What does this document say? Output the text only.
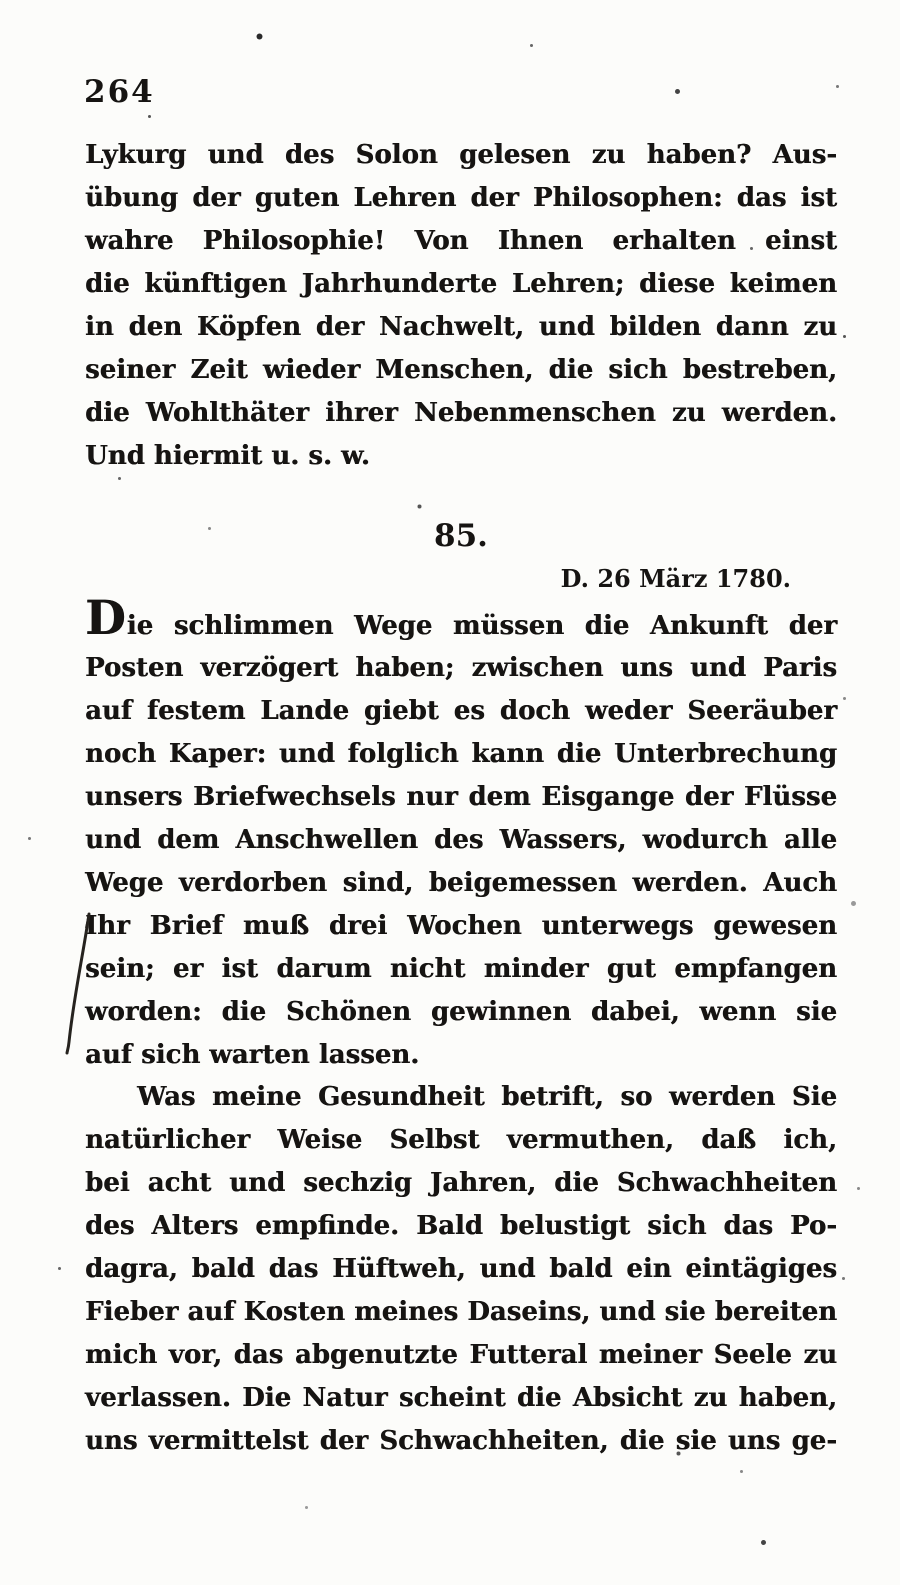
264
Lykurg und des Solon gelesen zu haben? Aus-
übung der guten Lehren der Philosophen: das ist
wahre Philosophie! Von Ihnen erhalten einst
die künftigen Jahrhunderte Lehren; diese keimen
in den Köpfen der Nachwelt, und bilden dann zu
seiner Zeit wieder Menschen, die sich bestreben,
die Wohlthäter ihrer Nebenmenschen zu werden.
Und hiermit u. s. w.
85.
D. 26 März 1780.
Die schlimmen Wege müssen die Ankunft der
Posten verzögert haben; zwischen uns und Paris
auf festem Lande giebt es doch weder Seeräuber
noch Kaper: und folglich kann die Unterbrechung
unsers Briefwechsels nur dem Eisgange der Flüsse
und dem Anschwellen des Wassers, wodurch alle
Wege verdorben sind, beigemessen werden. Auch
Ihr Brief muß drei Wochen unterwegs gewesen
sein; er ist darum nicht minder gut empfangen
worden: die Schönen gewinnen dabei, wenn sie
auf sich warten lassen.
Was meine Gesundheit betrift, so werden Sie
natürlicher Weise Selbst vermuthen, daß ich,
bei acht und sechzig Jahren, die Schwachheiten
des Alters empfinde. Bald belustigt sich das Po-
dagra, bald das Hüftweh, und bald ein eintägiges
Fieber auf Kosten meines Daseins, und sie bereiten
mich vor, das abgenutzte Futteral meiner Seele zu
verlassen. Die Natur scheint die Absicht zu haben,
uns vermittelst der Schwachheiten, die sie uns ge-
